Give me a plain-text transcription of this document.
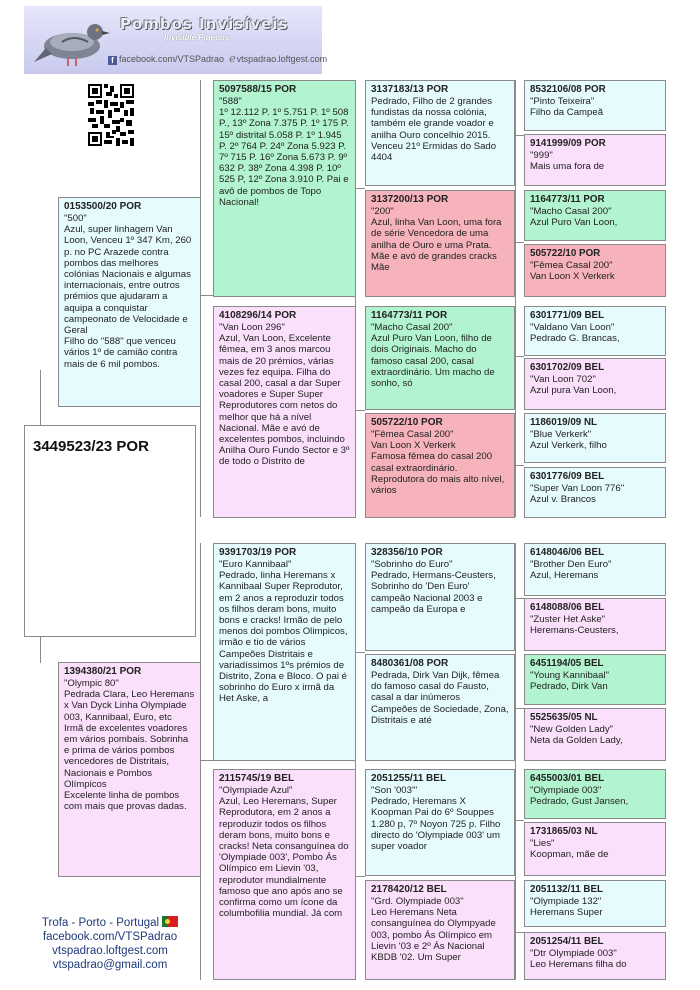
Pombos Invisíveis
Invisible Pigeons
f facebook.com/VTSPadrao ℯvtspadrao.loftgest.com
0153500/20 POR
"500"
Azul, super linhagem Van Loon, Venceu 1º 347 Km, 260 p. no PC Arazede contra pombos das melhores colónias Nacionais e algumas internacionais, entre outros prémios que ajudaram a aquipa a conquistar campeonato de Velocidade e Geral
Filho do "588" que venceu vários 1º de camião contra mais de 6 mil pombos.
3449523/23 POR
1394380/21 POR
"Olympic 80"
Pedrada Clara, Leo Heremans x Van Dyck Linha Olympiade 003, Kannibaal, Euro, etc
Irmã de excelentes voadores em vários pombais. Sobrinha e prima de vários pombos vencedores de Distritais, Nacionais e Pombos Olímpicos
Excelente linha de pombos com mais que provas dadas.
5097588/15 POR
"588"
1º 12.112 P. 1º 5.751 P. 1º 508 P., 13º Zona 7.375 P. 1º 175 P. 15º distrital 5.058 P. 1º 1.945 P. 2º 764 P. 24º Zona 5.923 P. 7º 715 P. 16º Zona 5.673 P. 9º 632 P. 38º Zona 4.398 P. 10º 525 P, 12º Zona 3.910 P. Pai e avô de pombos de Topo Nacional!
4108296/14 POR
"Van Loon 296"
Azul, Van Loon, Excelente fêmea, em 3 anos marcou mais de 20 prémios, várias vezes fez equipa. Filha do casal 200, casal a dar Super voadores e Super Super Reprodutores com netos do melhor que há a nível Nacional. Mãe e avó de excelentes pombos, incluindo Anilha Ouro Fundo Sector e 3º de todo o Distrito de
9391703/19 POR
"Euro Kannibaal"
Pedrado, linha Heremans x Kannibaal Super Reprodutor, em 2 anos a reproduzir todos os filhos deram bons, muito bons e cracks! Irmão de pelo menos doi pombos Olimpicos, irmão e tio de vários Campeões Distritais e variadíssimos 1ºs prémios de Distrito, Zona e Bloco. O pai é sobrinho do Euro x irmã da Het Aske, a
2115745/19 BEL
"Olympiade Azul"
Azul, Leo Heremans, Super Reprodutora, em 2 anos a reproduzir todos os filhos deram bons, muito bons e cracks! Neta consanguínea do 'Olympiade 003', Pombo Ás Olímpico em Lievin '03, reprodutor mundialmente famoso que ano após ano se confirma como um ícone da columbofilia mundial. Já com
3137183/13 POR
Pedrado, Filho de 2 grandes fundistas da nossa colónia, também ele grande voador e anilha Ouro concelhio 2015. Venceu 21º Ermidas do Sado 4404
3137200/13 POR
"200"
Azul, linha Van Loon, uma fora de série Vencedora de uma anilha de Ouro e uma Prata. Mãe e avó de grandes cracks Mãe
1164773/11 POR
"Macho Casal 200"
Azul Puro Van Loon, filho de dois Originais. Macho do famoso casal 200, casal extraordinário. Um macho de sonho, só
505722/10 POR
"Fêmea Casal 200"
Van Loon X Verkerk
Famosa fêmea do casal 200 casal extraordinário. Reprodutora do mais alto nível, vários
328356/10 POR
"Sobrinho do Euro"
Pedrado, Hermans-Ceusters, Sobrinho do 'Den Euro' campeão Nacional 2003 e campeão da Europa e
8480361/08 POR
Pedrada, Dirk Van Dijk, fêmea do famoso casal do Fausto, casal a dar inúmeros Campeões de Sociedade, Zona, Distritais e até
2051255/11 BEL
"Son '003'"
Pedrado, Heremans X Koopman Pai do 6º Souppes 1.280 p, 7º Noyon 725 p. Filho directo do 'Olympiade 003' um super voador
2178420/12 BEL
"Grd. Olympiade 003"
Leo Heremans Neta consanguínea do Olympyade 003, pombo Ás Olímpico em Lievin '03 e 2º Ás Nacional KBDB '02. Um Super
8532106/08 POR
"Pinto Teixeira"
Filho da Campeã
9141999/09 POR
"999"
Mais uma fora de
1164773/11 POR
"Macho Casal 200"
Azul Puro Van Loon,
505722/10 POR
"Fêmea Casal 200"
Van Loon X Verkerk
6301771/09 BEL
"Valdano Van Loon"
Pedrado G. Brancas,
6301702/09 BEL
"Van Loon 702"
Azul pura Van Loon,
1186019/09 NL
"Blue Verkerk"
Azul Verkerk, filho
6301776/09 BEL
"Super Van Loon 776"
Azul v. Brancos
6148046/06 BEL
"Brother Den Euro"
Azul, Heremans
6148088/06 BEL
"Zuster Het Aske"
Heremans-Ceusters,
6451194/05 BEL
"Young Kannibaal"
Pedrado, Dirk Van
5525635/05 NL
"New Golden Lady"
Neta da Golden Lady,
6455003/01 BEL
"Olympiade 003"
Pedrado, Gust Jansen,
1731865/03 NL
"Lies"
Koopman, mãe de
2051132/11 BEL
"Olympiade 132"
Heremans Super
2051254/11 BEL
"Dtr Olympiade 003"
Leo Heremans filha do
Trofa - Porto - Portugal
facebook.com/VTSPadrao
vtspadrao.loftgest.com
vtspadrao@gmail.com
